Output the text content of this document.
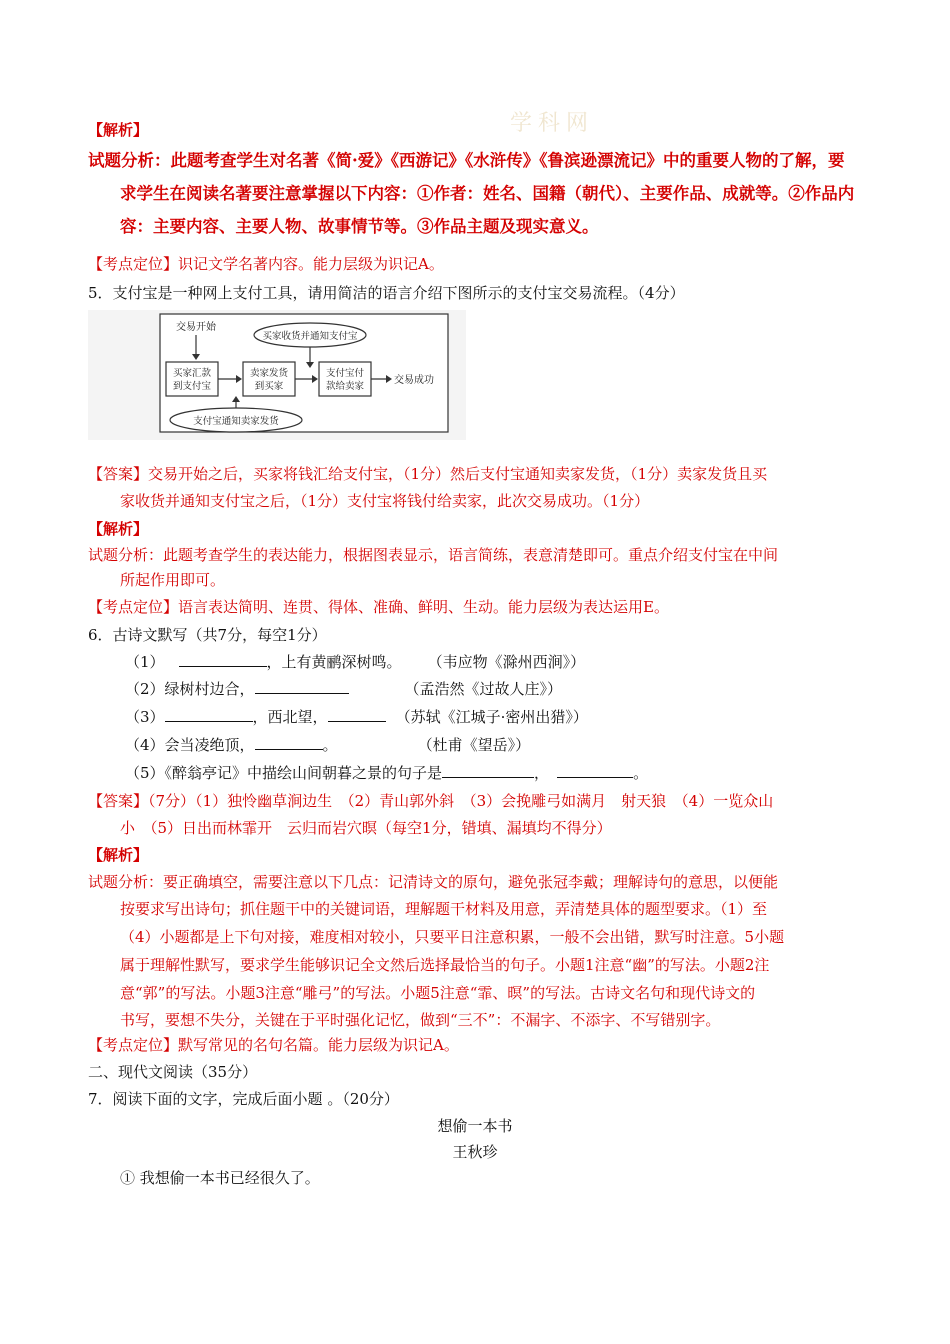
学科网
【解析】
试题分析：此题考查学生对名著《简·爱》《西游记》《水浒传》《鲁滨逊漂流记》中的重要人物的了解，要
求学生在阅读名著要注意掌握以下内容：①作者：姓名、国籍（朝代）、主要作品、成就等。②作品内
容：主要内容、主要人物、故事情节等。③作品主题及现实意义。
【考点定位】识记文学名著内容。能力层级为识记A。
5．支付宝是一种网上支付工具，请用简洁的语言介绍下图所示的支付宝交易流程。（4分）
交易开始
买家收货并通知支付宝
买家汇款
到支付宝
卖家发货
到买家
支付宝付
款给卖家
交易成功
支付宝通知卖家发货
【答案】交易开始之后，买家将钱汇给支付宝，（1分）然后支付宝通知卖家发货，（1分）卖家发货且买
家收货并通知支付宝之后，（1分）支付宝将钱付给卖家，此次交易成功。（1分）
【解析】
试题分析：此题考查学生的表达能力，根据图表显示，语言简练，表意清楚即可。重点介绍支付宝在中间
所起作用即可。
【考点定位】语言表达简明、连贯、得体、准确、鲜明、生动。能力层级为表达运用E。
6．古诗文默写（共7分，每空1分）
（1）	，上有黄鹂深树鸣。 （韦应物《滁州西涧》）
（2）绿树村边合，	（孟浩然《过故人庄》）
（3）	，西北望，	（苏轼《江城子·密州出猎》）
（4）会当凌绝顶，	。	（杜甫《望岳》）
（5）《醉翁亭记》中描绘山间朝暮之景的句子是	，	。
【答案】（7分）（1）独怜幽草涧边生　（2）青山郭外斜　（3）会挽雕弓如满月　射天狼　（4）一览众山
小　（5）日出而林霏开　云归而岩穴暝（每空1分，错填、漏填均不得分）
【解析】
试题分析：要正确填空，需要注意以下几点：记清诗文的原句，避免张冠李戴；理解诗句的意思，以便能
按要求写出诗句；抓住题干中的关键词语，理解题干材料及用意，弄清楚具体的题型要求。（1）至
（4）小题都是上下句对接，难度相对较小，只要平日注意积累，一般不会出错，默写时注意。5小题
属于理解性默写，要求学生能够识记全文然后选择最恰当的句子。小题1注意“幽”的写法。小题2注
意“郭”的写法。小题3注意“雕弓”的写法。小题5注意“霏、暝”的写法。古诗文名句和现代诗文的
书写，要想不失分，关键在于平时强化记忆，做到“三不”：不漏字、不添字、不写错别字。
【考点定位】默写常见的名句名篇。能力层级为识记A。
二、现代文阅读（35分）
7．阅读下面的文字，完成后面小题 。（20分）
想偷一本书
王秋珍
① 我想偷一本书已经很久了。
